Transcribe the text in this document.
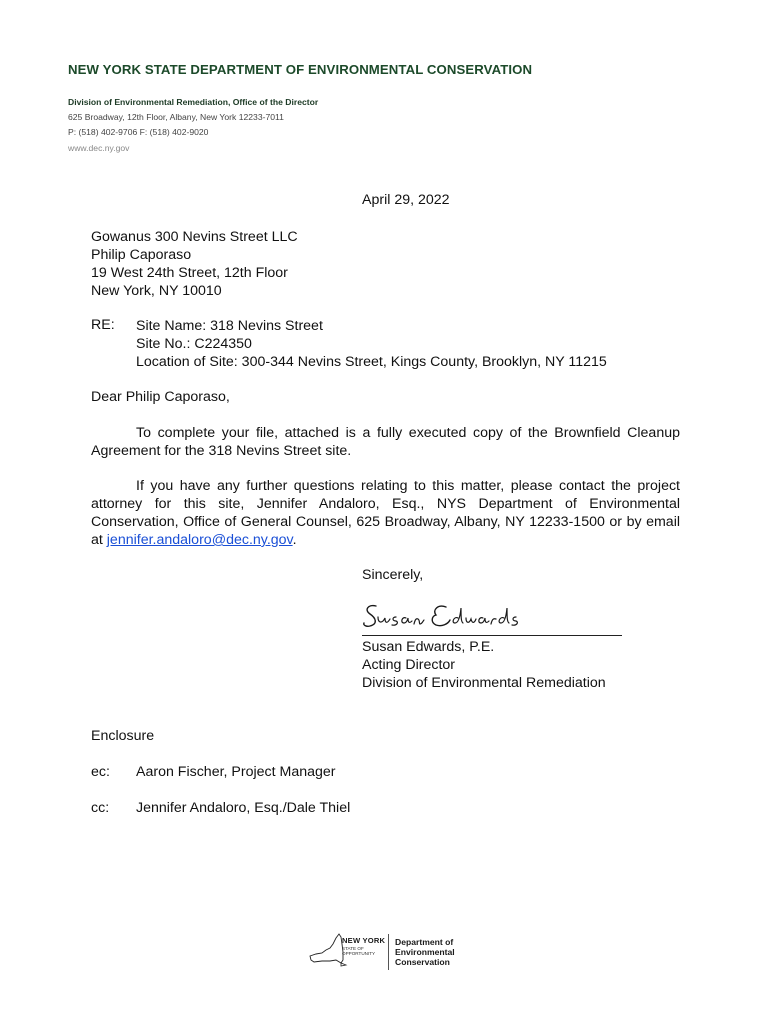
NEW YORK STATE DEPARTMENT OF ENVIRONMENTAL CONSERVATION
Division of Environmental Remediation, Office of the Director
625 Broadway, 12th Floor, Albany, New York 12233-7011
P: (518) 402-9706 F: (518) 402-9020
www.dec.ny.gov
April 29, 2022
Gowanus 300 Nevins Street LLC
Philip Caporaso
19 West 24th Street, 12th Floor
New York, NY 10010
RE: Site Name: 318 Nevins Street
Site No.: C224350
Location of Site: 300-344 Nevins Street, Kings County, Brooklyn, NY 11215
Dear Philip Caporaso,
To complete your file, attached is a fully executed copy of the Brownfield Cleanup Agreement for the 318 Nevins Street site.
If you have any further questions relating to this matter, please contact the project attorney for this site, Jennifer Andaloro, Esq., NYS Department of Environmental Conservation, Office of General Counsel, 625 Broadway, Albany, NY 12233-1500 or by email at jennifer.andaloro@dec.ny.gov.
Sincerely,
Susan Edwards, P.E.
Acting Director
Division of Environmental Remediation
Enclosure
ec: Aaron Fischer, Project Manager
cc: Jennifer Andaloro, Esq./Dale Thiel
NEW YORK
STATE OF
OPPORTUNITY
Department of
Environmental
Conservation
